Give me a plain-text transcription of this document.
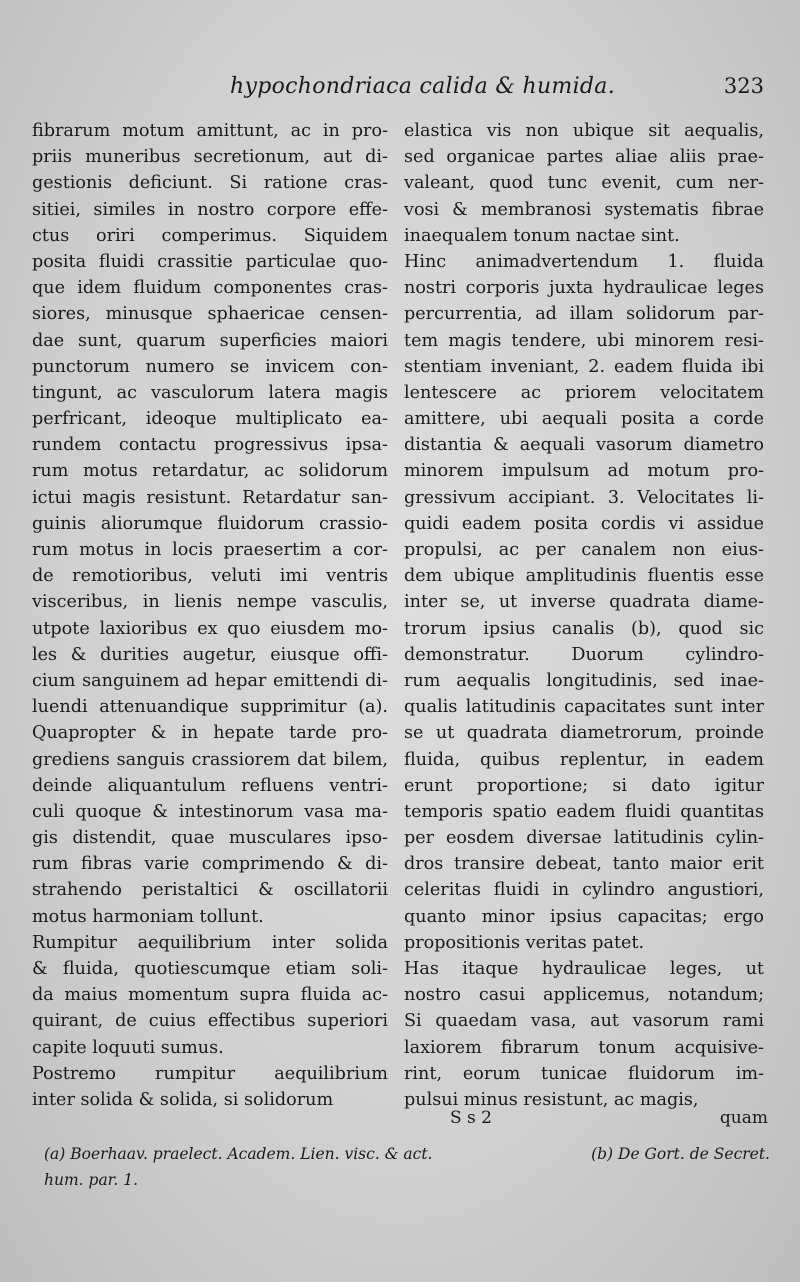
hypochondriaca calida & humida.	323
fibrarum motum amittunt, ac in pro-
priis muneribus secretionum, aut di-
gestionis deficiunt. Si ratione cras-
sitiei, similes in nostro corpore effe-
ctus oriri comperimus. Siquidem
posita fluidi crassitie particulae quo-
que idem fluidum componentes cras-
siores, minusque sphaericae censen-
dae sunt, quarum superficies maiori
punctorum numero se invicem con-
tingunt, ac vasculorum latera magis
perfricant, ideoque multiplicato ea-
rundem contactu progressivus ipsa-
rum motus retardatur, ac solidorum
ictui magis resistunt. Retardatur san-
guinis aliorumque fluidorum crassio-
rum motus in locis praesertim a cor-
de remotioribus, veluti imi ventris
visceribus, in lienis nempe vasculis,
utpote laxioribus ex quo eiusdem mo-
les & durities augetur, eiusque offi-
cium sanguinem ad hepar emittendi di-
luendi attenuandique supprimitur (a).
Quapropter & in hepate tarde pro-
grediens sanguis crassiorem dat bilem,
deinde aliquantulum refluens ventri-
culi quoque & intestinorum vasa ma-
gis distendit, quae musculares ipso-
rum fibras varie comprimendo & di-
strahendo peristaltici & oscillatorii
motus harmoniam tollunt.
Rumpitur aequilibrium inter solida
& fluida, quotiescumque etiam soli-
da maius momentum supra fluida ac-
quirant, de cuius effectibus superiori
capite loquuti sumus.
Postremo rumpitur aequilibrium
inter solida & solida, si solidorum
elastica vis non ubique sit aequalis,
sed organicae partes aliae aliis prae-
valeant, quod tunc evenit, cum ner-
vosi & membranosi systematis fibrae
inaequalem tonum nactae sint.
Hinc animadvertendum 1. fluida
nostri corporis juxta hydraulicae leges
percurrentia, ad illam solidorum par-
tem magis tendere, ubi minorem resi-
stentiam inveniant, 2. eadem fluida ibi
lentescere ac priorem velocitatem
amittere, ubi aequali posita a corde
distantia & aequali vasorum diametro
minorem impulsum ad motum pro-
gressivum accipiant. 3. Velocitates li-
quidi eadem posita cordis vi assidue
propulsi, ac per canalem non eius-
dem ubique amplitudinis fluentis esse
inter se, ut inverse quadrata diame-
trorum ipsius canalis (b), quod sic
demonstratur. Duorum cylindro-
rum aequalis longitudinis, sed inae-
qualis latitudinis capacitates sunt inter
se ut quadrata diametrorum, proinde
fluida, quibus replentur, in eadem
erunt proportione; si dato igitur
temporis spatio eadem fluidi quantitas
per eosdem diversae latitudinis cylin-
dros transire debeat, tanto maior erit
celeritas fluidi in cylindro angustiori,
quanto minor ipsius capacitas; ergo
propositionis veritas patet.
Has itaque hydraulicae leges, ut
nostro casui applicemus, notandum;
Si quaedam vasa, aut vasorum rami
laxiorem fibrarum tonum acquisive-
rint, eorum tunicae fluidorum im-
pulsui minus resistunt, ac magis,
S s 2	quam
(a) Boerhaav. praelect. Academ. Lien. visc. & act.	(b) De Gort. de Secret.
hum. par. 1.
